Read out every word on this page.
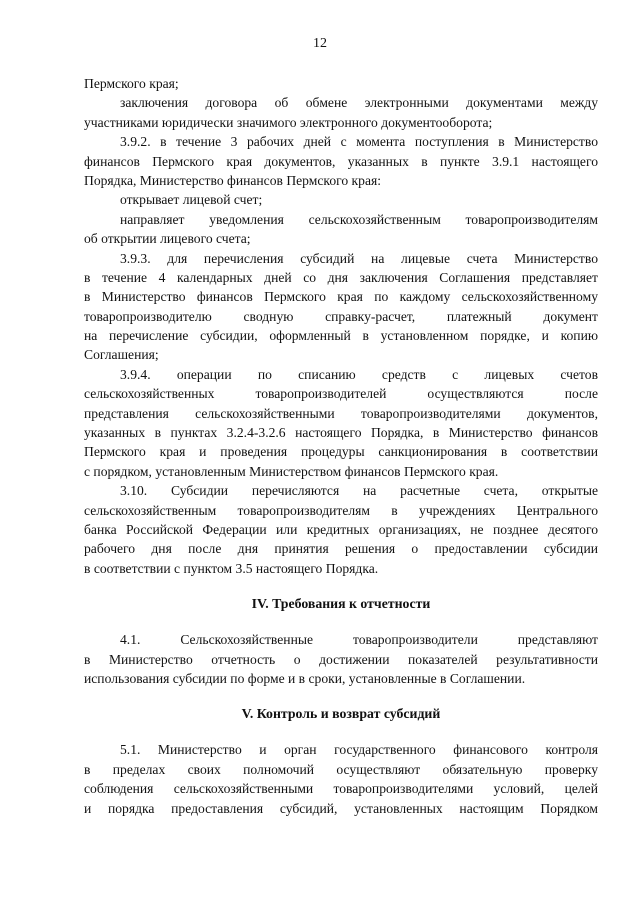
12
Пермского края;
заключения договора об обмене электронными документами между
участниками юридически значимого электронного документооборота;
3.9.2. в течение 3 рабочих дней с момента поступления в Министерство
финансов Пермского края документов, указанных в пункте 3.9.1 настоящего
Порядка, Министерство финансов Пермского края:
открывает лицевой счет;
направляет уведомления сельскохозяйственным товаропроизводителям
об открытии лицевого счета;
3.9.3. для перечисления субсидий на лицевые счета Министерство
в течение 4 календарных дней со дня заключения Соглашения представляет
в Министерство финансов Пермского края по каждому сельскохозяйственному
товаропроизводителю сводную справку-расчет, платежный документ
на перечисление субсидии, оформленный в установленном порядке, и копию
Соглашения;
3.9.4. операции по списанию средств с лицевых счетов
сельскохозяйственных товаропроизводителей осуществляются после
представления сельскохозяйственными товаропроизводителями документов,
указанных в пунктах 3.2.4-3.2.6 настоящего Порядка, в Министерство финансов
Пермского края и проведения процедуры санкционирования в соответствии
с порядком, установленным Министерством финансов Пермского края.
3.10. Субсидии перечисляются на расчетные счета, открытые
сельскохозяйственным товаропроизводителям в учреждениях Центрального
банка Российской Федерации или кредитных организациях, не позднее десятого
рабочего дня после дня принятия решения о предоставлении субсидии
в соответствии с пунктом 3.5 настоящего Порядка.
IV. Требования к отчетности
4.1. Сельскохозяйственные товаропроизводители представляют
в Министерство отчетность о достижении показателей результативности
использования субсидии по форме и в сроки, установленные в Соглашении.
V. Контроль и возврат субсидий
5.1. Министерство и орган государственного финансового контроля
в пределах своих полномочий осуществляют обязательную проверку
соблюдения сельскохозяйственными товаропроизводителями условий, целей
и порядка предоставления субсидий, установленных настоящим Порядком
